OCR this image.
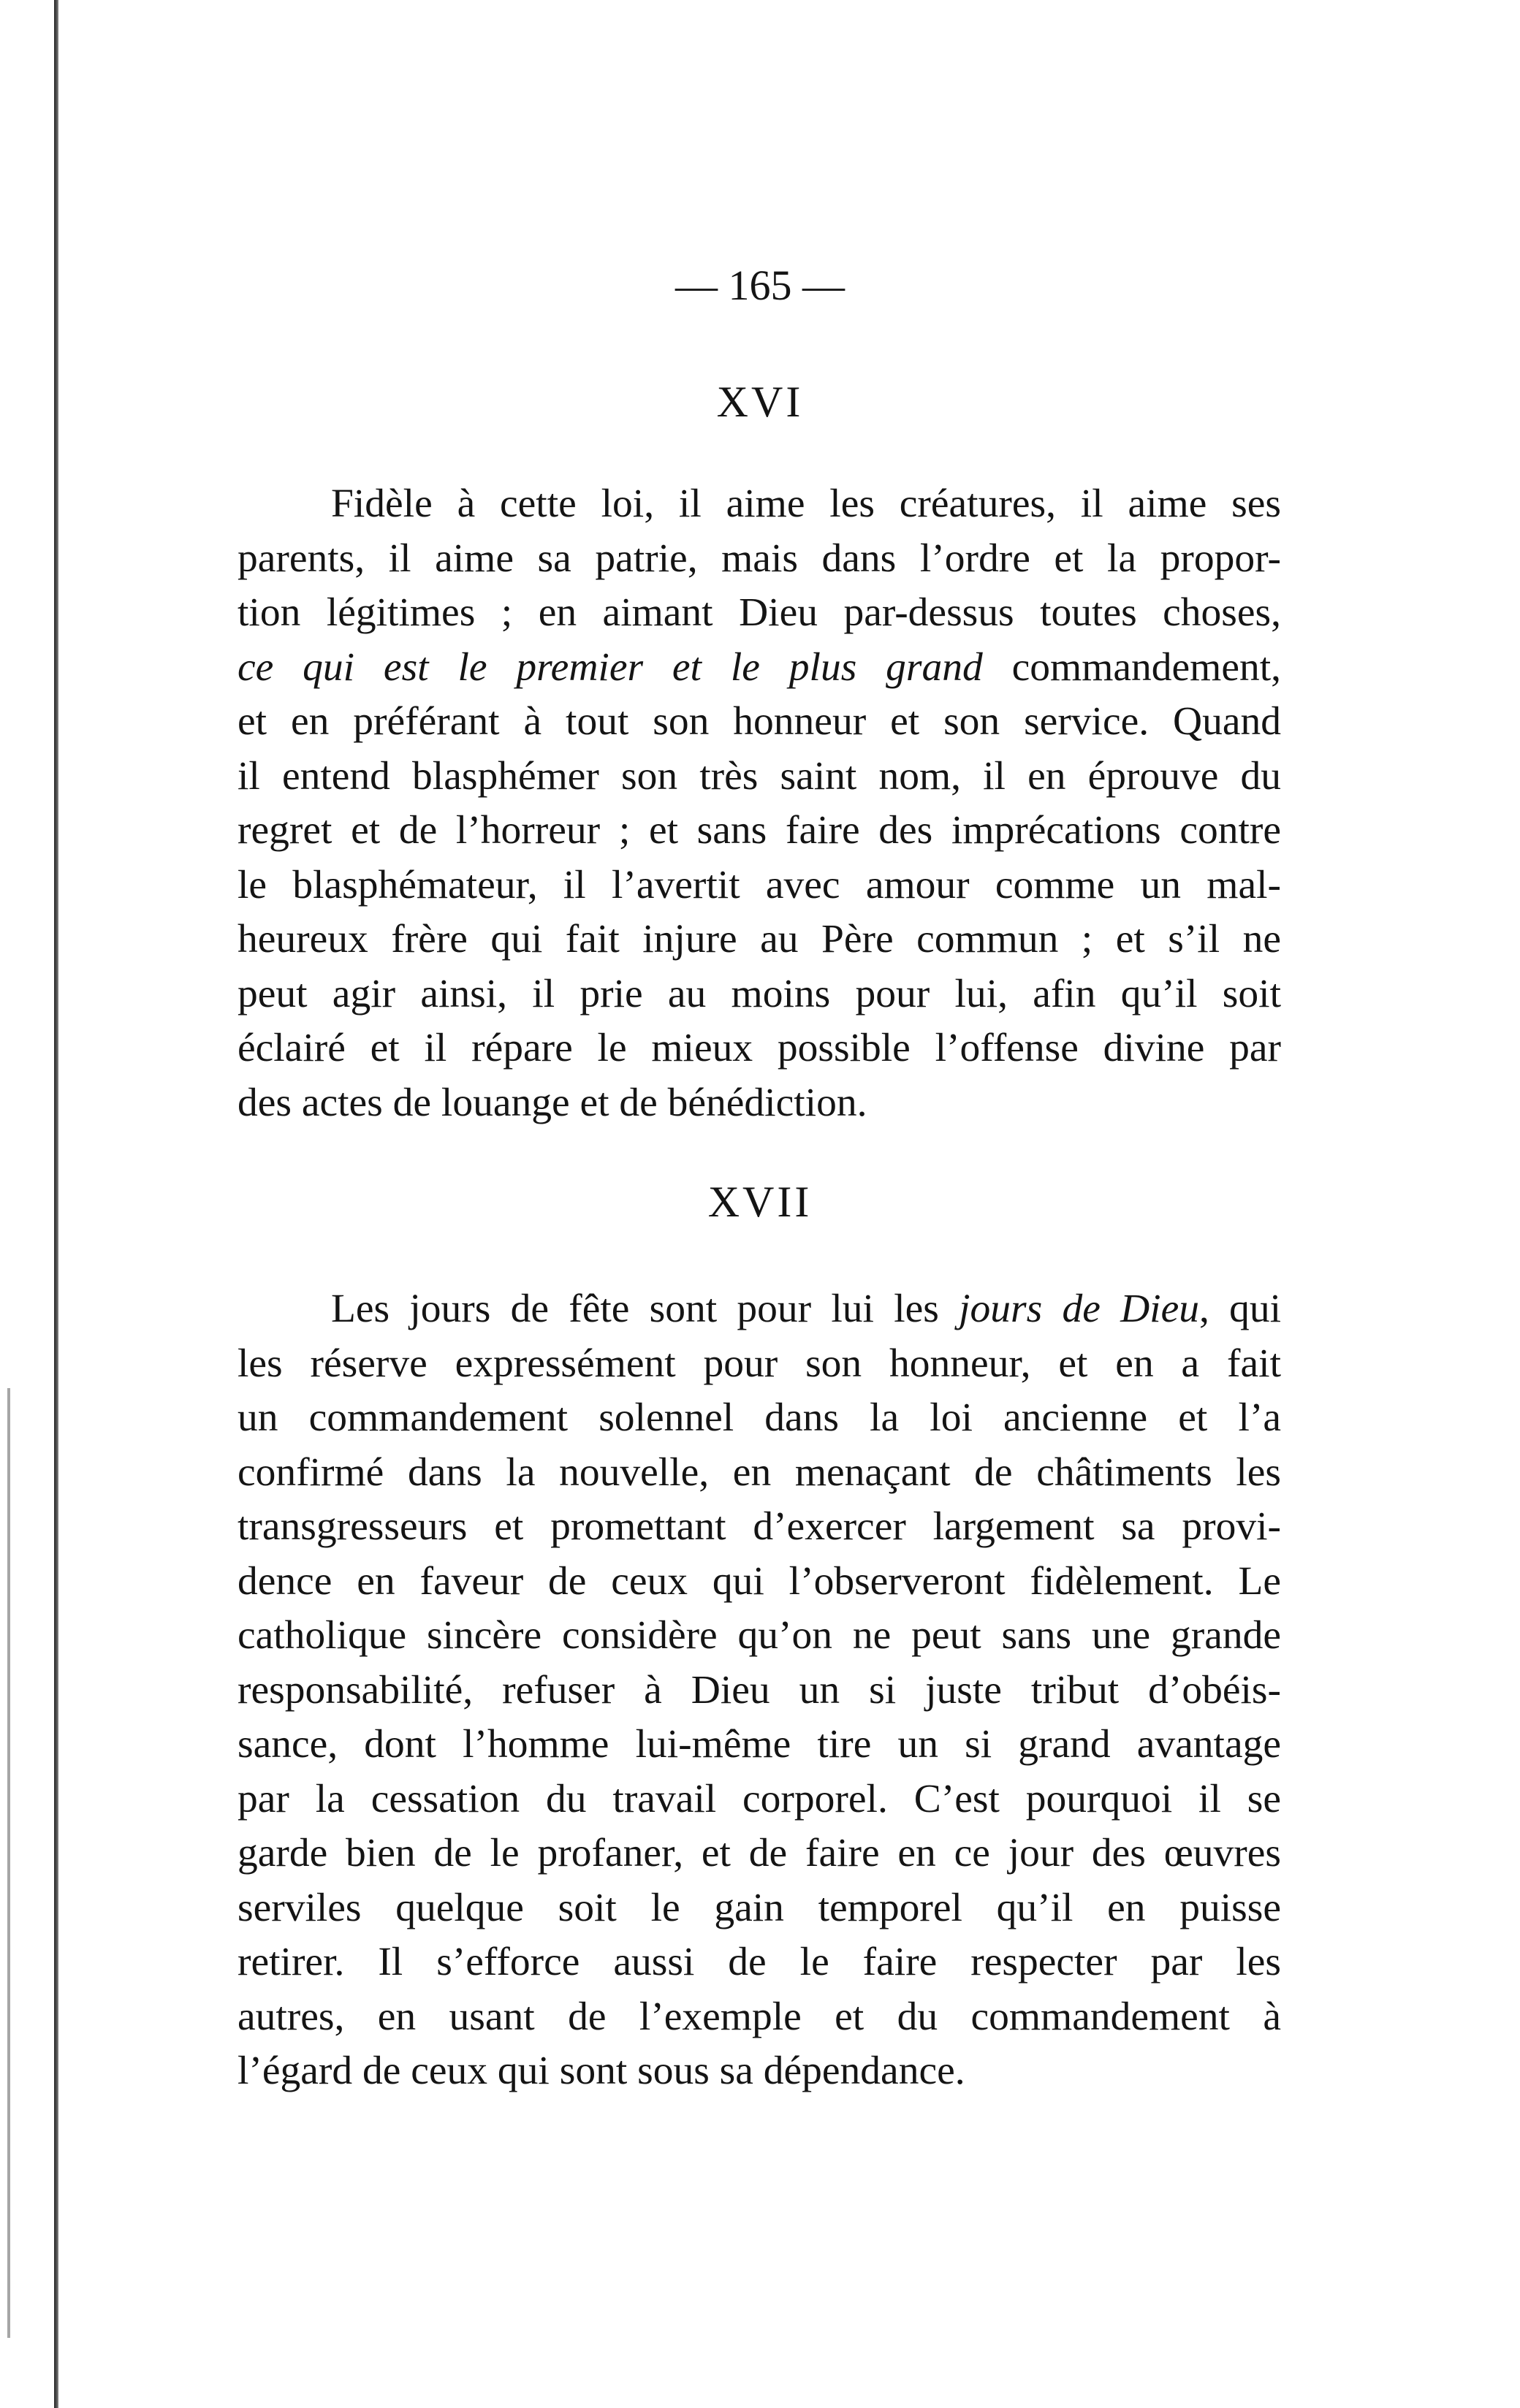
— 165 —
XVI
Fidèle à cette loi, il aime les créatures, il aime ses
parents, il aime sa patrie, mais dans l’ordre et la propor-
tion légitimes ; en aimant Dieu par-dessus toutes choses,
ce qui est le premier et le plus grand commandement,
et en préférant à tout son honneur et son service. Quand
il entend blasphémer son très saint nom, il en éprouve du
regret et de l’horreur ; et sans faire des imprécations contre
le blasphémateur, il l’avertit avec amour comme un mal-
heureux frère qui fait injure au Père commun ; et s’il ne
peut agir ainsi, il prie au moins pour lui, afin qu’il soit
éclairé et il répare le mieux possible l’offense divine par
des actes de louange et de bénédiction.
XVII
Les jours de fête sont pour lui les jours de Dieu, qui
les réserve expressément pour son honneur, et en a fait
un commandement solennel dans la loi ancienne et l’a
confirmé dans la nouvelle, en menaçant de châtiments les
transgresseurs et promettant d’exercer largement sa provi-
dence en faveur de ceux qui l’observeront fidèlement. Le
catholique sincère considère qu’on ne peut sans une grande
responsabilité, refuser à Dieu un si juste tribut d’obéis-
sance, dont l’homme lui-même tire un si grand avantage
par la cessation du travail corporel. C’est pourquoi il se
garde bien de le profaner, et de faire en ce jour des œuvres
serviles quelque soit le gain temporel qu’il en puisse
retirer. Il s’efforce aussi de le faire respecter par les
autres, en usant de l’exemple et du commandement à
l’égard de ceux qui sont sous sa dépendance.
